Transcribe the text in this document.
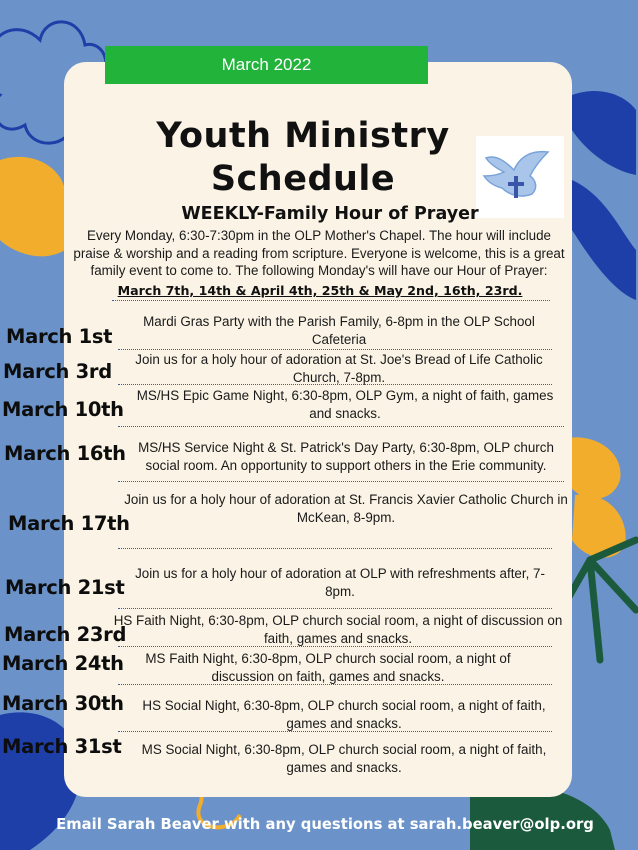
March 2022
Youth Ministry
Schedule
WEEKLY-Family Hour of Prayer
Every Monday, 6:30-7:30pm in the OLP Mother's Chapel. The hour will include praise & worship and a reading from scripture. Everyone is welcome, this is a great family event to come to. The following Monday's will have our Hour of Prayer:
March 7th, 14th & April 4th, 25th & May 2nd, 16th, 23rd.
March 1st
Mardi Gras Party with the Parish Family, 6-8pm in the OLP School Cafeteria
March 3rd
Join us for a holy hour of adoration at St. Joe's Bread of Life Catholic Church, 7-8pm.
March 10th
MS/HS Epic Game Night, 6:30-8pm, OLP Gym, a night of faith, games and snacks.
March 16th MS/HS Service Night & St. Patrick's Day Party, 6:30-8pm, OLP church social room. An opportunity to support others in the Erie community.
March 17th
Join us for a holy hour of adoration at St. Francis Xavier Catholic Church in McKean, 8-9pm.
March 21st
Join us for a holy hour of adoration at OLP with refreshments after, 7-8pm.
March 23rd
HS Faith Night, 6:30-8pm, OLP church social room, a night of discussion on faith, games and snacks.
March 24th	MS Faith Night, 6:30-8pm, OLP church social room, a night of discussion on faith, games and snacks.
March 30th	HS Social Night, 6:30-8pm, OLP church social room, a night of faith, games and snacks.
March 31st	MS Social Night, 6:30-8pm, OLP church social room, a night of faith, games and snacks.
Email Sarah Beaver with any questions at sarah.beaver@olp.org
